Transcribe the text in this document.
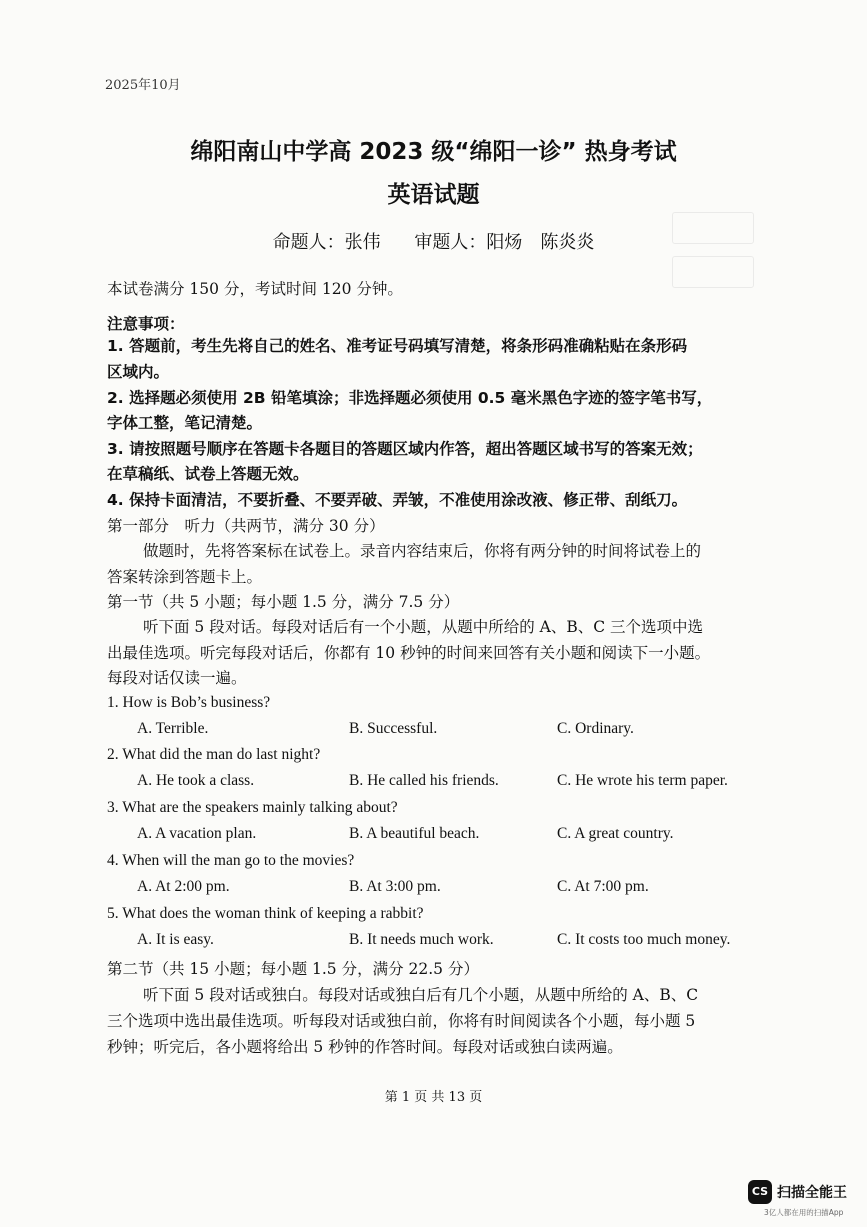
2025年10月
绵阳南山中学高 2023 级“绵阳一诊” 热身考试
英语试题
命题人：张伟 审题人：阳炀　陈炎炎
本试卷满分 150 分，考试时间 120 分钟。
注意事项：
1. 答题前，考生先将自己的姓名、准考证号码填写清楚，将条形码准确粘贴在条形码
区域内。
2. 选择题必须使用 2B 铅笔填涂；非选择题必须使用 0.5 毫米黑色字迹的签字笔书写，
字体工整，笔记清楚。
3. 请按照题号顺序在答题卡各题目的答题区域内作答，超出答题区域书写的答案无效；
在草稿纸、试卷上答题无效。
4. 保持卡面清洁，不要折叠、不要弄破、弄皱，不准使用涂改液、修正带、刮纸刀。
第一部分　听力（共两节，满分 30 分）
做题时，先将答案标在试卷上。录音内容结束后，你将有两分钟的时间将试卷上的
答案转涂到答题卡上。
第一节（共 5 小题；每小题 1.5 分，满分 7.5 分）
听下面 5 段对话。每段对话后有一个小题，从题中所给的 A、B、C 三个选项中选
出最佳选项。听完每段对话后，你都有 10 秒钟的时间来回答有关小题和阅读下一小题。
每段对话仅读一遍。
1. How is Bob’s business?
A. Terrible.	B. Successful.	C. Ordinary.
2. What did the man do last night?
A. He took a class.	B. He called his friends.	C. He wrote his term paper.
3. What are the speakers mainly talking about?
A. A vacation plan.	B. A beautiful beach.	C. A great country.
4. When will the man go to the movies?
A. At 2:00 pm.	B. At 3:00 pm.	C. At 7:00 pm.
5. What does the woman think of keeping a rabbit?
A. It is easy.	B. It needs much work.	C. It costs too much money.
第二节（共 15 小题；每小题 1.5 分，满分 22.5 分）
听下面 5 段对话或独白。每段对话或独白后有几个小题，从题中所给的 A、B、C
三个选项中选出最佳选项。听每段对话或独白前，你将有时间阅读各个小题，每小题 5
秒钟；听完后，各小题将给出 5 秒钟的作答时间。每段对话或独白读两遍。
第 1 页 共 13 页
CS 扫描全能王
3亿人都在用的扫描App
